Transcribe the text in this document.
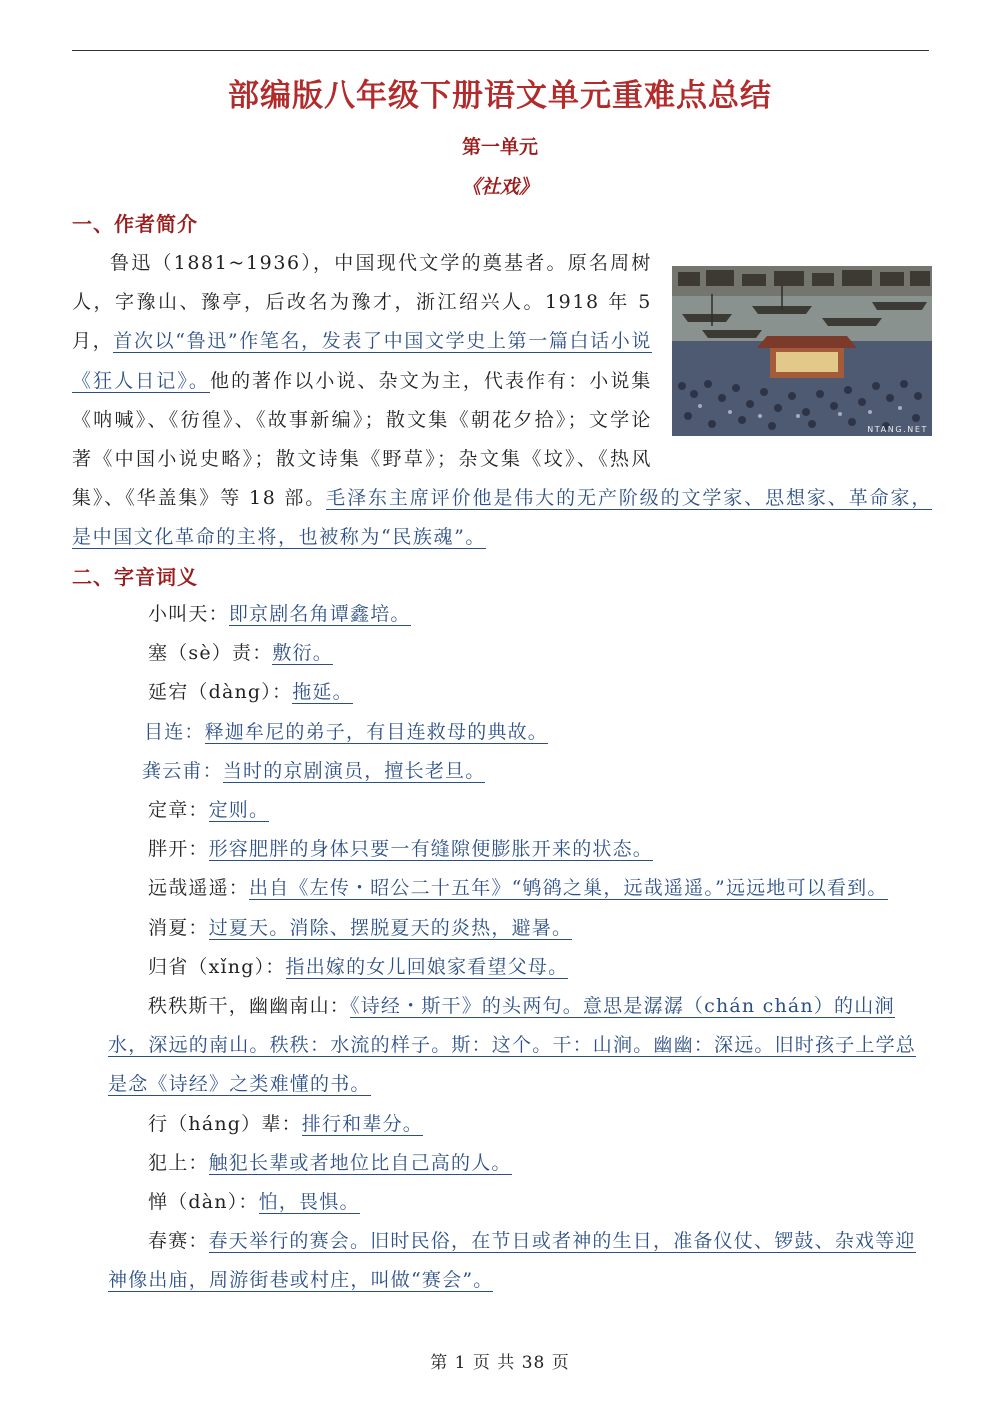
部编版八年级下册语文单元重难点总结
第一单元
《社戏》
一、作者简介
NTANG.NET
鲁迅（1881~1936），中国现代文学的奠基者。原名周树人，字豫山、豫亭，后改名为豫才，浙江绍兴人。1918 年 5 月，首次以“鲁迅”作笔名，发表了中国文学史上第一篇白话小说《狂人日记》。他的著作以小说、杂文为主，代表作有：小说集《呐喊》、《彷徨》、《故事新编》；散文集《朝花夕拾》；文学论著《中国小说史略》；散文诗集《野草》；杂文集《坟》、《热风集》、《华盖集》等 18 部。毛泽东主席评价他是伟大的无产阶级的文学家、思想家、革命家，是中国文化革命的主将，也被称为“民族魂”。
二、字音词义
小叫天：即京剧名角谭鑫培。
塞（sè）责：敷衍。
延宕（dàng）：拖延。
目连：释迦牟尼的弟子，有目连救母的典故。
龚云甫：当时的京剧演员，擅长老旦。
定章：定则。
胖开：形容肥胖的身体只要一有缝隙便膨胀开来的状态。
远哉遥遥：出自《左传・昭公二十五年》“鸲鹆之巢，远哉遥遥。”远远地可以看到。
消夏：过夏天。消除、摆脱夏天的炎热，避暑。
归省（xǐng）：指出嫁的女儿回娘家看望父母。
秩秩斯干，幽幽南山：《诗经・斯干》的头两句。意思是潺潺（chán chán）的山涧水，深远的南山。秩秩：水流的样子。斯：这个。干：山涧。幽幽：深远。旧时孩子上学总是念《诗经》之类难懂的书。
行（háng）辈：排行和辈分。
犯上：触犯长辈或者地位比自己高的人。
惮（dàn）：怕，畏惧。
春赛：春天举行的赛会。旧时民俗，在节日或者神的生日，准备仪仗、锣鼓、杂戏等迎神像出庙，周游街巷或村庄，叫做“赛会”。
第 1 页 共 38 页
